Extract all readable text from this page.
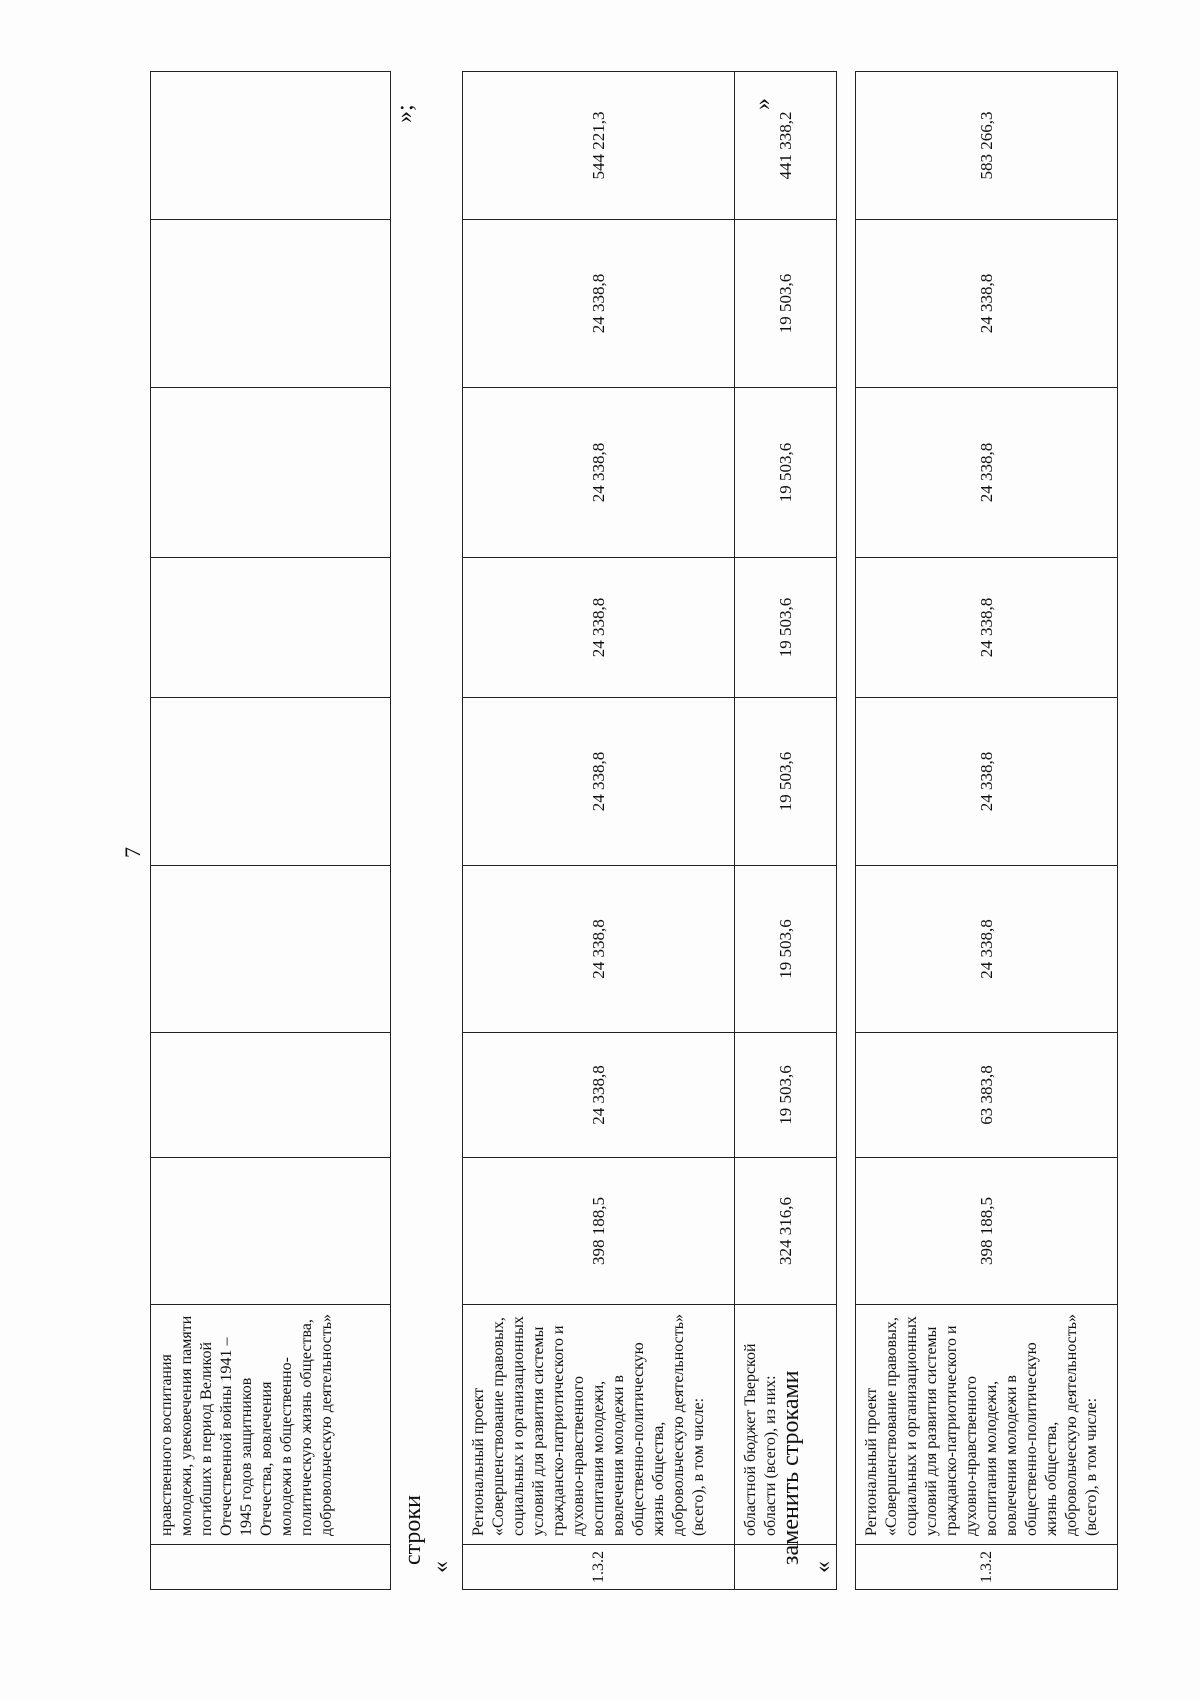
7
	нравственного воспитания молодежи, увековечения памяти погибших в период Великой Отечественной войны 1941 – 1945 годов защитников Отечества, вовлечения молодежи в общественно-политическую жизнь общества, добровольческую деятельность»								
»;
строки
«	1.3.2	Региональный проект «Совершенствование правовых, социальных и организационных условий для развития системы гражданско-патриотического и духовно-нравственного воспитания молодежи, вовлечения молодежи в общественно-политическую жизнь общества, добровольческую деятельность» (всего), в том числе:	398 188,5	24 338,8	24 338,8	24 338,8	24 338,8	24 338,8	24 338,8	544 221,3
	областной бюджет Тверской области (всего), из них:	324 316,6	19 503,6	19 503,6	19 503,6	19 503,6	19 503,6	19 503,6	441 338,2
»
заменить строками
«	1.3.2	Региональный проект «Совершенствование правовых, социальных и организационных условий для развития системы гражданско-патриотического и духовно-нравственного воспитания молодежи, вовлечения молодежи в общественно-политическую жизнь общества, добровольческую деятельность» (всего), в том числе:	398 188,5	63 383,8	24 338,8	24 338,8	24 338,8	24 338,8	24 338,8	583 266,3
